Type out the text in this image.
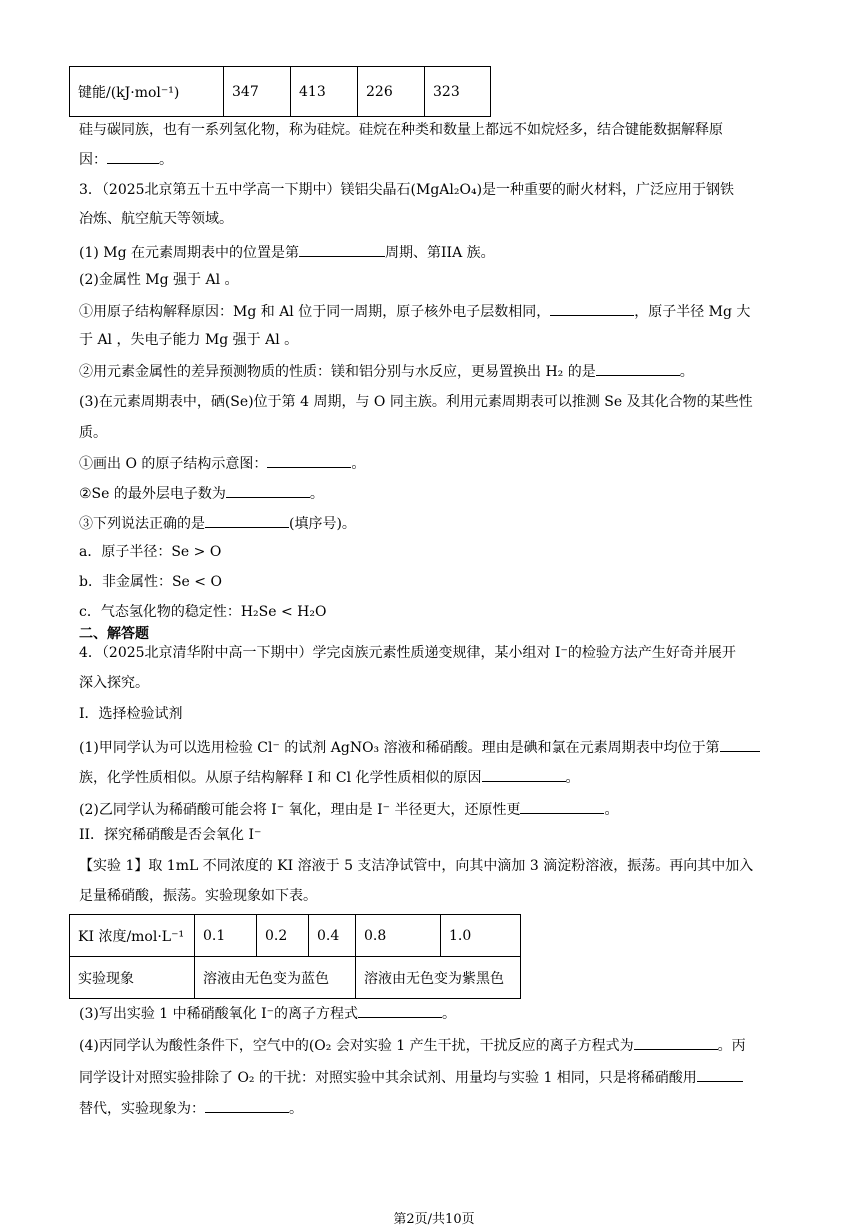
键能/(kJ·mol⁻¹)	347	413	226	323
硅与碳同族，也有一系列氢化物，称为硅烷。硅烷在种类和数量上都远不如烷烃多，结合键能数据解释原
因：	。
3．（2025北京第五十五中学高一下期中）镁铝尖晶石(MgAl₂O₄)是一种重要的耐火材料，广泛应用于钢铁
冶炼、航空航天等领域。
(1) Mg 在元素周期表中的位置是第	周期、第IIA 族。
(2)金属性 Mg 强于 Al 。
①用原子结构解释原因：Mg 和 Al 位于同一周期，原子核外电子层数相同，	，原子半径 Mg 大
于 Al ，失电子能力 Mg 强于 Al 。
②用元素金属性的差异预测物质的性质：镁和铝分别与水反应，更易置换出 H₂ 的是	。
(3)在元素周期表中，硒(Se)位于第 4 周期，与 O 同主族。利用元素周期表可以推测 Se 及其化合物的某些性
质。
①画出 O 的原子结构示意图：	。
②Se 的最外层电子数为	。
③下列说法正确的是	(填序号)。
a．原子半径：Se > O
b．非金属性：Se < O
c．气态氢化物的稳定性：H₂Se < H₂O
二、解答题
4．（2025北京清华附中高一下期中）学完卤族元素性质递变规律，某小组对 I⁻的检验方法产生好奇并展开
深入探究。
I．选择检验试剂
(1)甲同学认为可以选用检验 Cl⁻ 的试剂 AgNO₃ 溶液和稀硝酸。理由是碘和氯在元素周期表中均位于第
族，化学性质相似。从原子结构解释 I 和 Cl 化学性质相似的原因	。
(2)乙同学认为稀硝酸可能会将 I⁻ 氧化，理由是 I⁻ 半径更大，还原性更	。
II．探究稀硝酸是否会氧化 I⁻
【实验 1】取 1mL 不同浓度的 KI 溶液于 5 支洁净试管中，向其中滴加 3 滴淀粉溶液，振荡。再向其中加入
足量稀硝酸，振荡。实验现象如下表。
KI 浓度/mol·L⁻¹	0.1	0.2	0.4	0.8	1.0
实验现象	溶液由无色变为蓝色			溶液由无色变为紫黑色	
(3)写出实验 1 中稀硝酸氧化 I⁻的离子方程式	。
(4)丙同学认为酸性条件下，空气中的(O₂ 会对实验 1 产生干扰，干扰反应的离子方程式为	。丙
同学设计对照实验排除了 O₂ 的干扰：对照实验中其余试剂、用量均与实验 1 相同，只是将稀硝酸用
替代，实验现象为：	。
第2页/共10页
